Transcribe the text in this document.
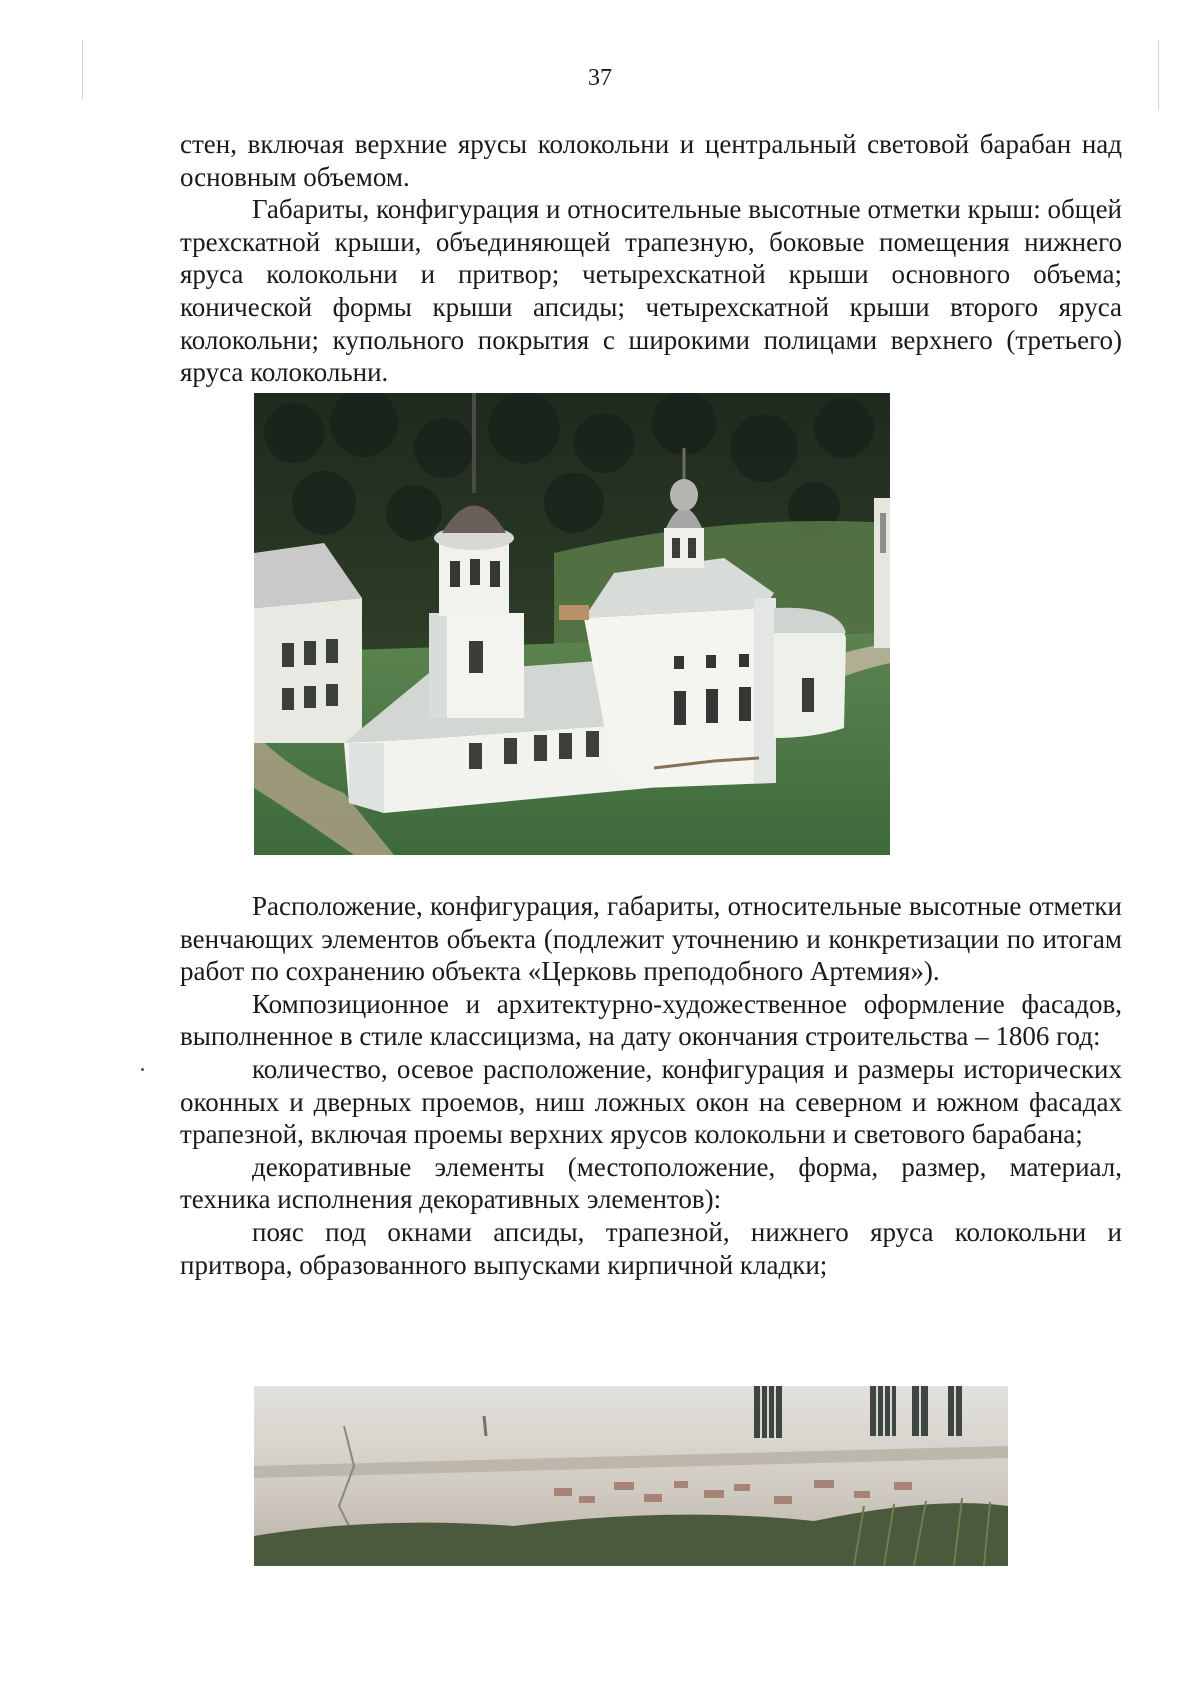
37

стен, включая верхние ярусы колокольни и центральный световой барабан над основным объемом.

Габариты, конфигурация и относительные высотные отметки крыш: общей трехскатной крыши, объединяющей трапезную, боковые помещения нижнего яруса колокольни и притвор; четырехскатной крыши основного объема; конической формы крыши апсиды; четырехскатной крыши второго яруса колокольни; купольного покрытия с широкими полицами верхнего (третьего) яруса колокольни.

Расположение, конфигурация, габариты, относительные высотные отметки венчающих элементов объекта (подлежит уточнению и конкретизации по итогам работ по сохранению объекта «Церковь преподобного Артемия»).

Композиционное и архитектурно-художественное оформление фасадов, выполненное в стиле классицизма, на дату окончания строительства – 1806 год:

количество, осевое расположение, конфигурация и размеры исторических оконных и дверных проемов, ниш ложных окон на северном и южном фасадах трапезной, включая проемы верхних ярусов колокольни и светового барабана;

декоративные элементы (местоположение, форма, размер, материал, техника исполнения декоративных элементов):

пояс под окнами апсиды, трапезной, нижнего яруса колокольни и притвора, образованного выпусками кирпичной кладки;
